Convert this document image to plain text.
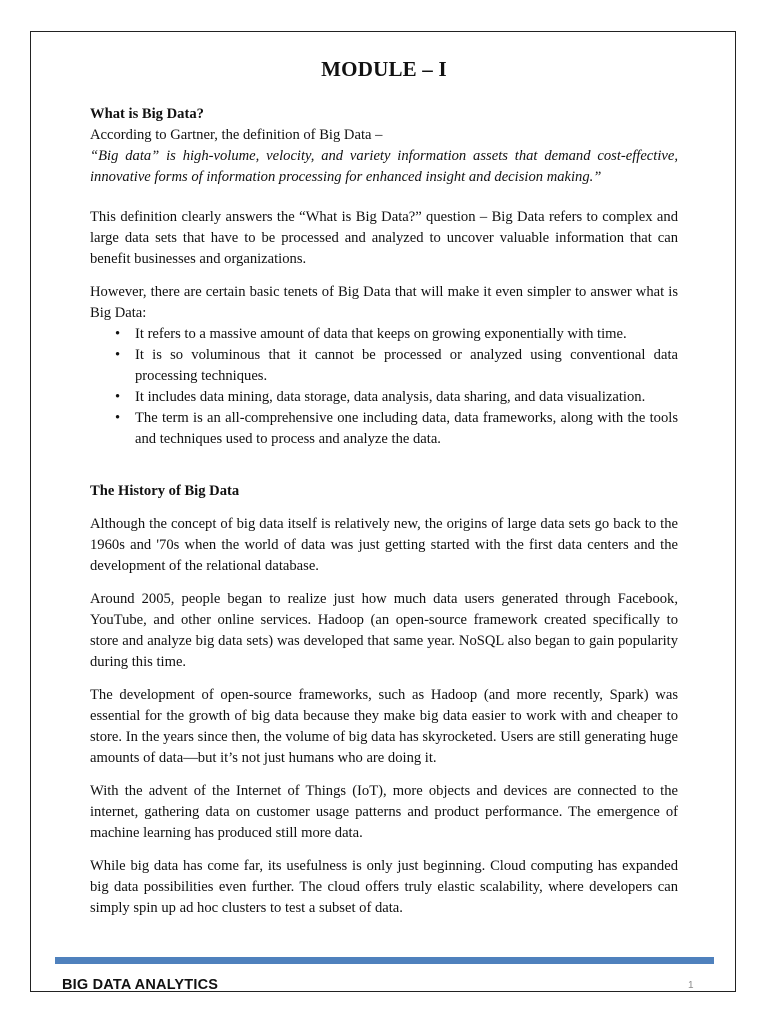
MODULE – I

What is Big Data?

According to Gartner, the definition of Big Data –

“Big data” is high-volume, velocity, and variety information assets that demand cost-effective, innovative forms of information processing for enhanced insight and decision making.”

This definition clearly answers the “What is Big Data?” question – Big Data refers to complex and large data sets that have to be processed and analyzed to uncover valuable information that can benefit businesses and organizations.

However, there are certain basic tenets of Big Data that will make it even simpler to answer what is Big Data:

• It refers to a massive amount of data that keeps on growing exponentially with time.
• It is so voluminous that it cannot be processed or analyzed using conventional data processing techniques.
• It includes data mining, data storage, data analysis, data sharing, and data visualization.
• The term is an all-comprehensive one including data, data frameworks, along with the tools and techniques used to process and analyze the data.

The History of Big Data

Although the concept of big data itself is relatively new, the origins of large data sets go back to the 1960s and '70s when the world of data was just getting started with the first data centers and the development of the relational database.

Around 2005, people began to realize just how much data users generated through Facebook, YouTube, and other online services. Hadoop (an open-source framework created specifically to store and analyze big data sets) was developed that same year. NoSQL also began to gain popularity during this time.

The development of open-source frameworks, such as Hadoop (and more recently, Spark) was essential for the growth of big data because they make big data easier to work with and cheaper to store. In the years since then, the volume of big data has skyrocketed. Users are still generating huge amounts of data—but it’s not just humans who are doing it.

With the advent of the Internet of Things (IoT), more objects and devices are connected to the internet, gathering data on customer usage patterns and product performance. The emergence of machine learning has produced still more data.

While big data has come far, its usefulness is only just beginning. Cloud computing has expanded big data possibilities even further. The cloud offers truly elastic scalability, where developers can simply spin up ad hoc clusters to test a subset of data.

BIG DATA ANALYTICS	1
